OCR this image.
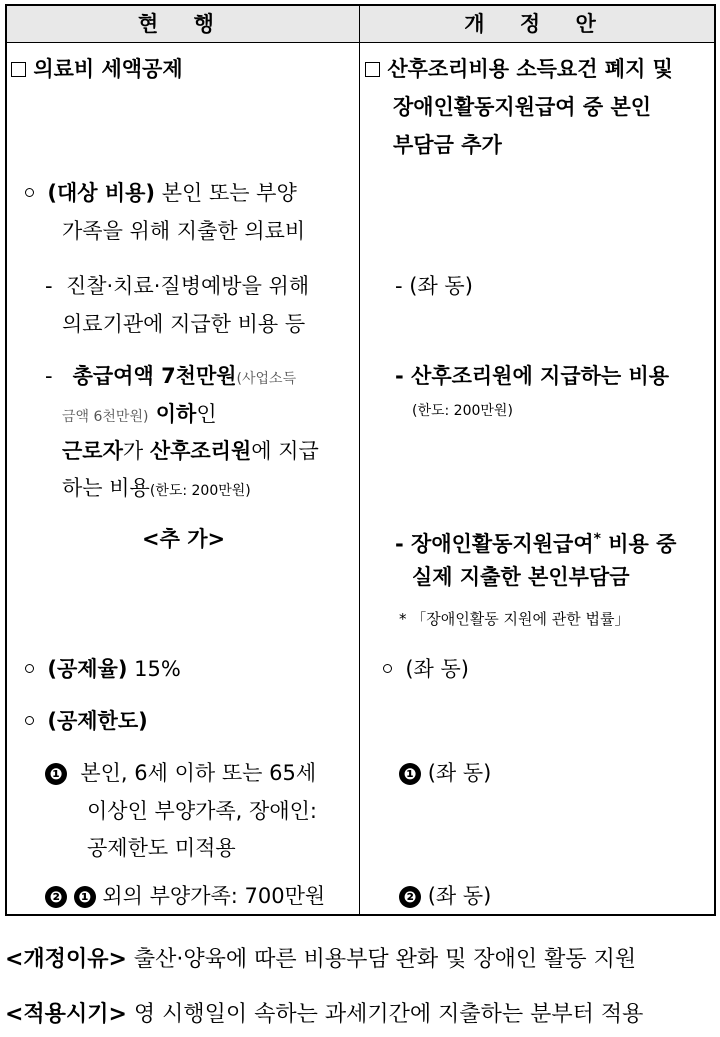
현 행	개 정 안
의료비 세액공제
(대상 비용) 본인 또는 부양
가족을 위해 지출한 의료비
-  진찰·치료·질병예방을 위해
의료기관에 지급한 비용 등
-   총급여액 7천만원(사업소득
금액 6천만원) 이하인
근로자가 산후조리원에 지급
하는 비용(한도: 200만원)
<추 가>
(공제율) 15%
(공제한도)
❶ 본인, 6세 이하 또는 65세
이상인 부양가족, 장애인:
공제한도 미적용
❷ ❶ 외의 부양가족: 700만원
산후조리비용 소득요건 폐지 및
장애인활동지원급여 중 본인
부담금 추가
- (좌 동)
- 산후조리원에 지급하는 비용
(한도: 200만원)
- 장애인활동지원급여* 비용 중
실제 지출한 본인부담금
* 「장애인활동 지원에 관한 법률」
(좌 동)
❶ (좌 동)
❷ (좌 동)
<개정이유> 출산·양육에 따른 비용부담 완화 및 장애인 활동 지원
<적용시기> 영 시행일이 속하는 과세기간에 지출하는 분부터 적용
